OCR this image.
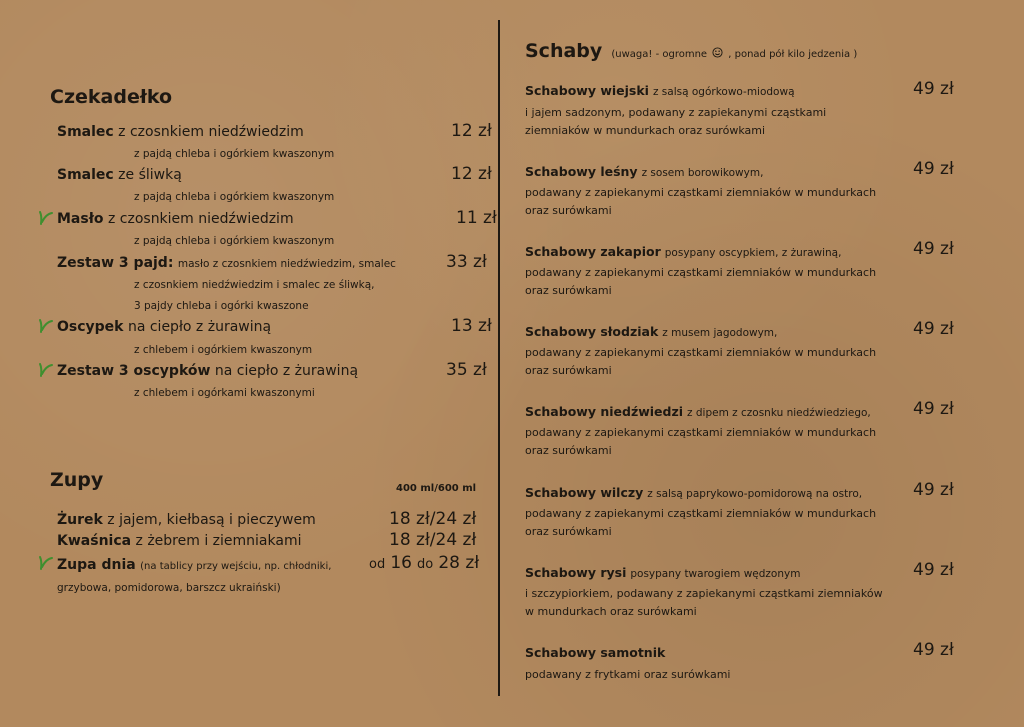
Czekadełko
Smalec z czosnkiem niedźwiedzim
z pajdą chleba i ogórkiem kwaszonym
12 zł
Smalec ze śliwką
z pajdą chleba i ogórkiem kwaszonym
12 zł
Masło z czosnkiem niedźwiedzim
z pajdą chleba i ogórkiem kwaszonym
11 zł
Zestaw 3 pajd: masło z czosnkiem niedźwiedzim, smalec
z czosnkiem niedźwiedzim i smalec ze śliwką,
3 pajdy chleba i ogórki kwaszone
33 zł
Oscypek na ciepło z żurawiną
z chlebem i ogórkiem kwaszonym
13 zł
Zestaw 3 oscypków na ciepło z żurawiną
z chlebem i ogórkami kwaszonymi
35 zł
Zupy	400 ml/600 ml
Żurek z jajem, kiełbasą i pieczywem	18 zł/24 zł
Kwaśnica z żebrem i ziemniakami	18 zł/24 zł
Zupa dnia (na tablicy przy wejściu, np. chłodniki,
grzybowa, pomidorowa, barszcz ukraiński)
od 16 do 28 zł
Schaby (uwaga! - ogromne , ponad pół kilo jedzenia )
Schabowy wiejski z salsą ogórkowo-miodową
i jajem sadzonym, podawany z zapiekanymi cząstkami
ziemniaków w mundurkach oraz surówkami
49 zł
Schabowy leśny z sosem borowikowym,
podawany z zapiekanymi cząstkami ziemniaków w mundurkach
oraz surówkami
49 zł
Schabowy zakapior posypany oscypkiem, z żurawiną,
podawany z zapiekanymi cząstkami ziemniaków w mundurkach
oraz surówkami
49 zł
Schabowy słodziak z musem jagodowym,
podawany z zapiekanymi cząstkami ziemniaków w mundurkach
oraz surówkami
49 zł
Schabowy niedźwiedzi z dipem z czosnku niedźwiedziego,
podawany z zapiekanymi cząstkami ziemniaków w mundurkach
oraz surówkami
49 zł
Schabowy wilczy z salsą paprykowo-pomidorową na ostro,
podawany z zapiekanymi cząstkami ziemniaków w mundurkach
oraz surówkami
49 zł
Schabowy rysi posypany twarogiem wędzonym
i szczypiorkiem, podawany z zapiekanymi cząstkami ziemniaków
w mundurkach oraz surówkami
49 zł
Schabowy samotnik
podawany z frytkami oraz surówkami
49 zł
